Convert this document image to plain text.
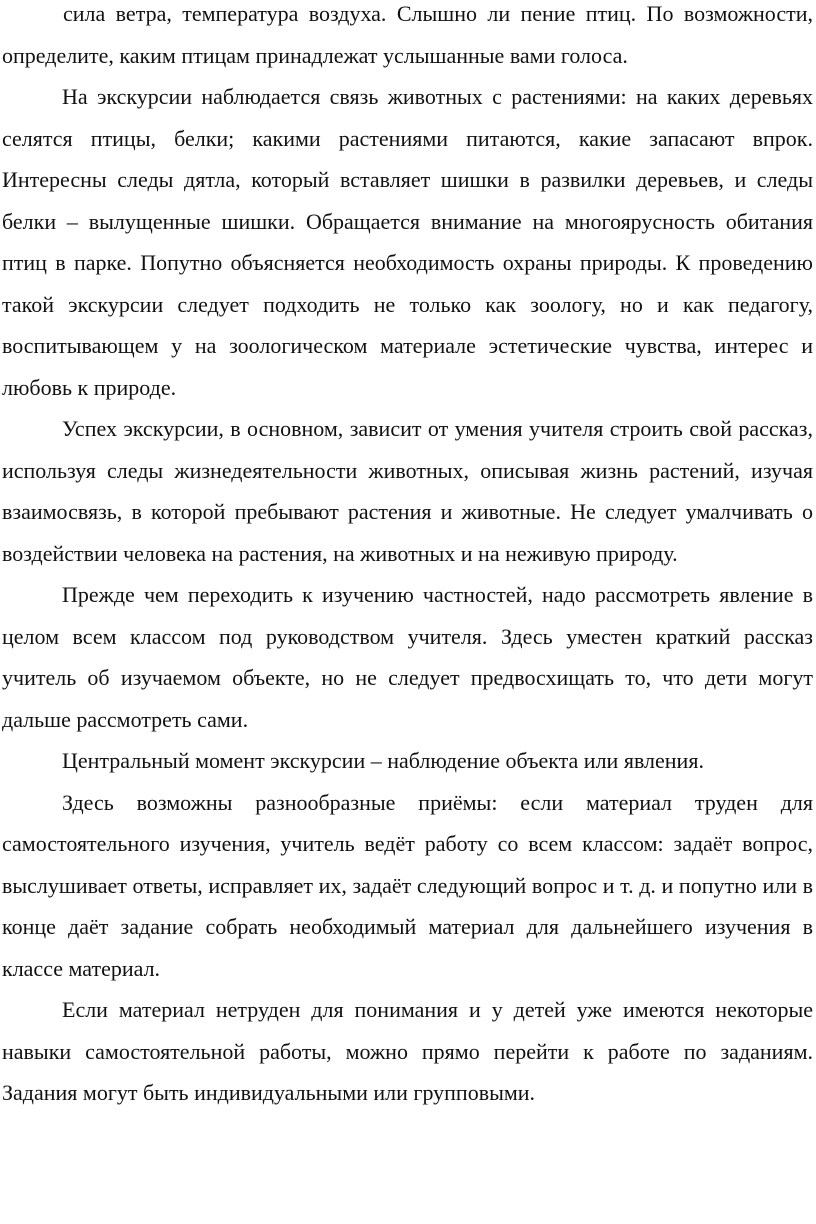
сила ветра, температура воздуха. Слышно ли пение птиц. По возможности, определите, каким птицам принадлежат услышанные вами голоса.

На экскурсии наблюдается связь животных с растениями: на каких деревьях селятся птицы, белки; какими растениями питаются, какие запасают впрок. Интересны следы дятла, который вставляет шишки в развилки деревьев, и следы белки – вылущенные шишки. Обращается внимание на многоярусность обитания птиц в парке. Попутно объясняется необходимость охраны природы. К проведению такой экскурсии следует подходить не только как зоологу, но и как педагогу, воспитывающем у на зоологическом материале эстетические чувства, интерес и любовь к природе.

Успех экскурсии, в основном, зависит от умения учителя строить свой рассказ, используя следы жизнедеятельности животных, описывая жизнь растений, изучая взаимосвязь, в которой пребывают растения и животные. Не следует умалчивать о воздействии человека на растения, на животных и на неживую природу.

Прежде чем переходить к изучению частностей, надо рассмотреть явление в целом всем классом под руководством учителя. Здесь уместен краткий рассказ учитель об изучаемом объекте, но не следует предвосхищать то, что дети могут дальше рассмотреть сами.

Центральный момент экскурсии – наблюдение объекта или явления.

Здесь возможны разнообразные приёмы: если материал труден для самостоятельного изучения, учитель ведёт работу со всем классом: задаёт вопрос, выслушивает ответы, исправляет их, задаёт следующий вопрос и т. д. и попутно или в конце даёт задание собрать необходимый материал для дальнейшего изучения в классе материал.

Если материал нетруден для понимания и у детей уже имеются некоторые навыки самостоятельной работы, можно прямо перейти к работе по заданиям. Задания могут быть индивидуальными или групповыми.
